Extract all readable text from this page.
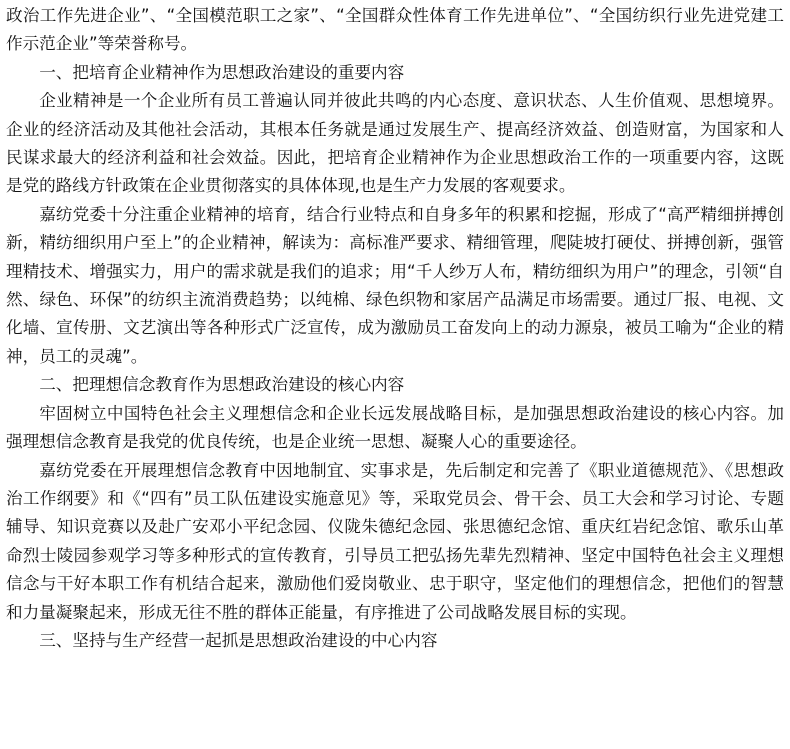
政治工作先进企业”、“全国模范职工之家”、“全国群众性体育工作先进单位”、“全国纺织行业先进党建工作示范企业”等荣誉称号。

一、把培育企业精神作为思想政治建设的重要内容

企业精神是一个企业所有员工普遍认同并彼此共鸣的内心态度、意识状态、人生价值观、思想境界。企业的经济活动及其他社会活动，其根本任务就是通过发展生产、提高经济效益、创造财富，为国家和人民谋求最大的经济利益和社会效益。因此，把培育企业精神作为企业思想政治工作的一项重要内容，这既是党的路线方针政策在企业贯彻落实的具体体现,也是生产力发展的客观要求。

嘉纺党委十分注重企业精神的培育，结合行业特点和自身多年的积累和挖掘，形成了“高严精细拼搏创新，精纺细织用户至上”的企业精神，解读为：高标准严要求、精细管理，爬陡坡打硬仗、拼搏创新，强管理精技术、增强实力，用户的需求就是我们的追求；用“千人纱万人布，精纺细织为用户”的理念，引领“自然、绿色、环保”的纺织主流消费趋势；以纯棉、绿色织物和家居产品满足市场需要。通过厂报、电视、文化墙、宣传册、文艺演出等各种形式广泛宣传，成为激励员工奋发向上的动力源泉，被员工喻为“企业的精神，员工的灵魂”。

二、把理想信念教育作为思想政治建设的核心内容

牢固树立中国特色社会主义理想信念和企业长远发展战略目标，是加强思想政治建设的核心内容。加强理想信念教育是我党的优良传统，也是企业统一思想、凝聚人心的重要途径。

嘉纺党委在开展理想信念教育中因地制宜、实事求是，先后制定和完善了《职业道德规范》、《思想政治工作纲要》和《“四有”员工队伍建设实施意见》等，采取党员会、骨干会、员工大会和学习讨论、专题辅导、知识竞赛以及赴广安邓小平纪念园、仪陇朱德纪念园、张思德纪念馆、重庆红岩纪念馆、歌乐山革命烈士陵园参观学习等多种形式的宣传教育，引导员工把弘扬先辈先烈精神、坚定中国特色社会主义理想信念与干好本职工作有机结合起来，激励他们爱岗敬业、忠于职守，坚定他们的理想信念，把他们的智慧和力量凝聚起来，形成无往不胜的群体正能量，有序推进了公司战略发展目标的实现。

三、坚持与生产经营一起抓是思想政治建设的中心内容
